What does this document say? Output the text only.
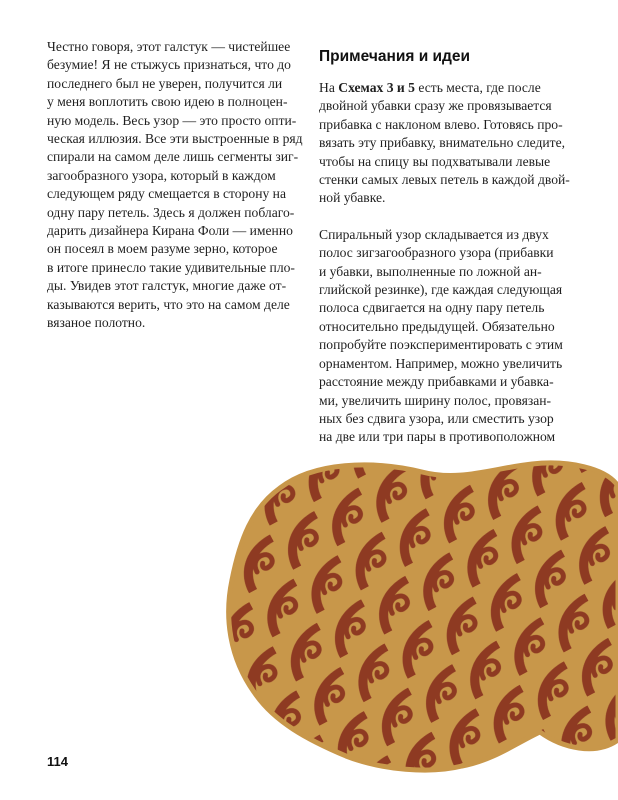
Честно говоря, этот галстук — чистейшее
безумие! Я не стыжусь признаться, что до
последнего был не уверен, получится ли
у меня воплотить свою идею в полноцен-
ную модель. Весь узор — это просто опти-
ческая иллюзия. Все эти выстроенные в ряд
спирали на самом деле лишь сегменты зиг-
загообразного узора, который в каждом
следующем ряду смещается в сторону на
одну пару петель. Здесь я должен поблаго-
дарить дизайнера Кирана Фоли — именно
он посеял в моем разуме зерно, которое
в итоге принесло такие удивительные пло-
ды. Увидев этот галстук, многие даже от-
казываются верить, что это на самом деле
вязаное полотно.

Примечания и идеи

На Схемах 3 и 5 есть места, где после
двойной убавки сразу же провязывается
прибавка с наклоном влево. Готовясь про-
вязать эту прибавку, внимательно следите,
чтобы на спицу вы подхватывали левые
стенки самых левых петель в каждой двой-
ной убавке.

Спиральный узор складывается из двух
полос зигзагообразного узора (прибавки
и убавки, выполненные по ложной ан-
глийской резинке), где каждая следующая
полоса сдвигается на одну пару петель
относительно предыдущей. Обязательно
попробуйте поэкспериментировать с этим
орнаментом. Например, можно увеличить
расстояние между прибавками и убавка-
ми, увеличить ширину полос, провязан-
ных без сдвига узора, или сместить узор
на две или три пары в противоположном

114
